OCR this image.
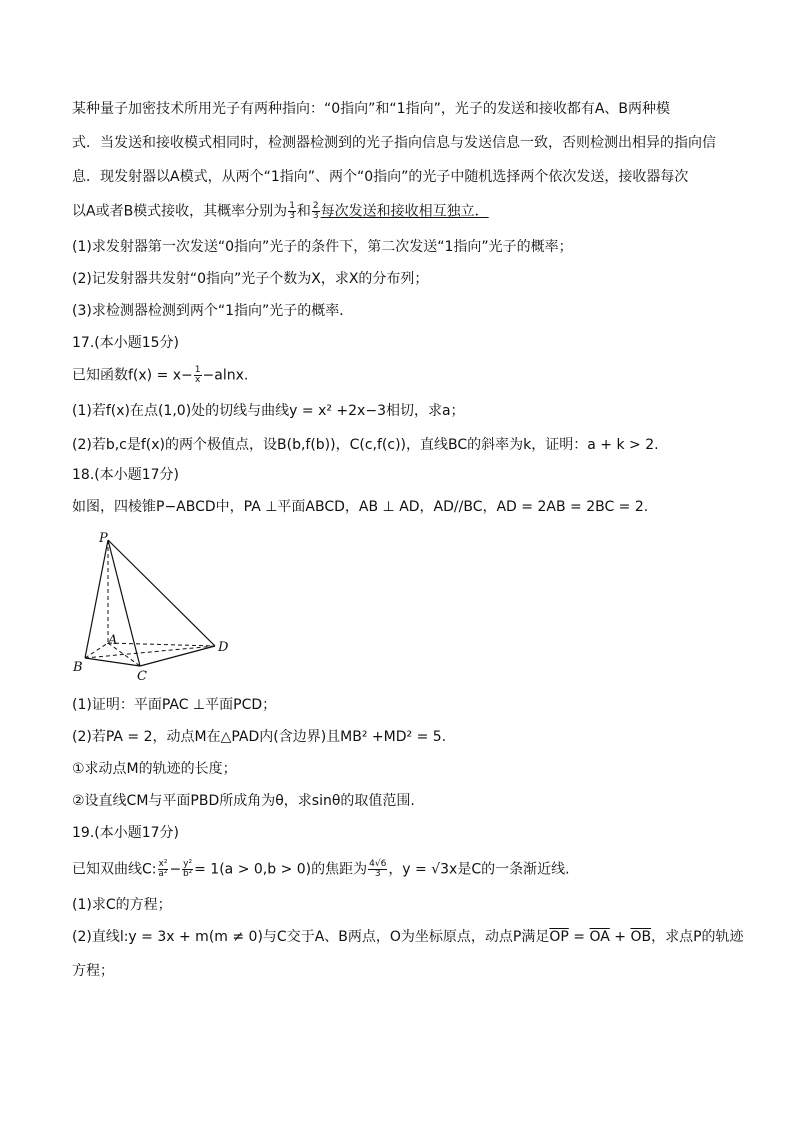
某种量子加密技术所用光子有两种指向：“0指向”和“1指向”，光子的发送和接收都有A、B两种模
式．当发送和接收模式相同时，检测器检测到的光子指向信息与发送信息一致，否则检测出相异的指向信
息．现发射器以A模式，从两个“1指向”、两个“0指向”的光子中随机选择两个依次发送，接收器每次
以A或者B模式接收，其概率分别为 $\frac{1}{3}$ 和 $\frac{2}{3}$ 每次发送和接收相互独立．
(1)求发射器第一次发送“0指向”光子的条件下，第二次发送“1指向”光子的概率；
(2)记发射器共发射“0指向”光子个数为X，求X的分布列；
(3)求检测器检测到两个“1指向”光子的概率．
17.(本小题15分)
已知函数$f(x) = x- \frac{1}{x} -alnx$.
(1)若f(x)在点(1,0)处的切线与曲线y = x² +2x−3相切，求a；
(2)若b,c是f(x)的两个极值点，设B(b,f(b))，C(c,f(c))，直线BC的斜率为k，证明：a + k > 2.
18.(本小题17分)
如图，四棱锥P−ABCD中，PA ⊥平面ABCD，AB ⊥ AD，AD//BC，AD = 2AB = 2BC = 2.
P
A
B
C
D
(1)证明：平面PAC ⊥平面PCD；
(2)若PA = 2，动点M在△PAD内(含边界)且MB² +MD² = 5.
①求动点M的轨迹的长度；
②设直线CM与平面PBD所成角为θ，求sinθ的取值范围.
19.(本小题17分)
已知双曲线C: $\frac{\text{x²}}{\text{a²}} - \frac{\text{y²}}{\text{b²}} = 1(a > 0,b > 0)$的焦距为 $\frac{4√6}{3}$ ，y = √3x是C的一条渐近线.
(1)求C的方程；
(2)直线l:y = 3x + m(m ≠ 0)与C交于A、B两点，O为坐标原点，动点P满足$\overline{OP} = \overline{OA} + \overline{OB}$，求点P的轨迹
方程；
